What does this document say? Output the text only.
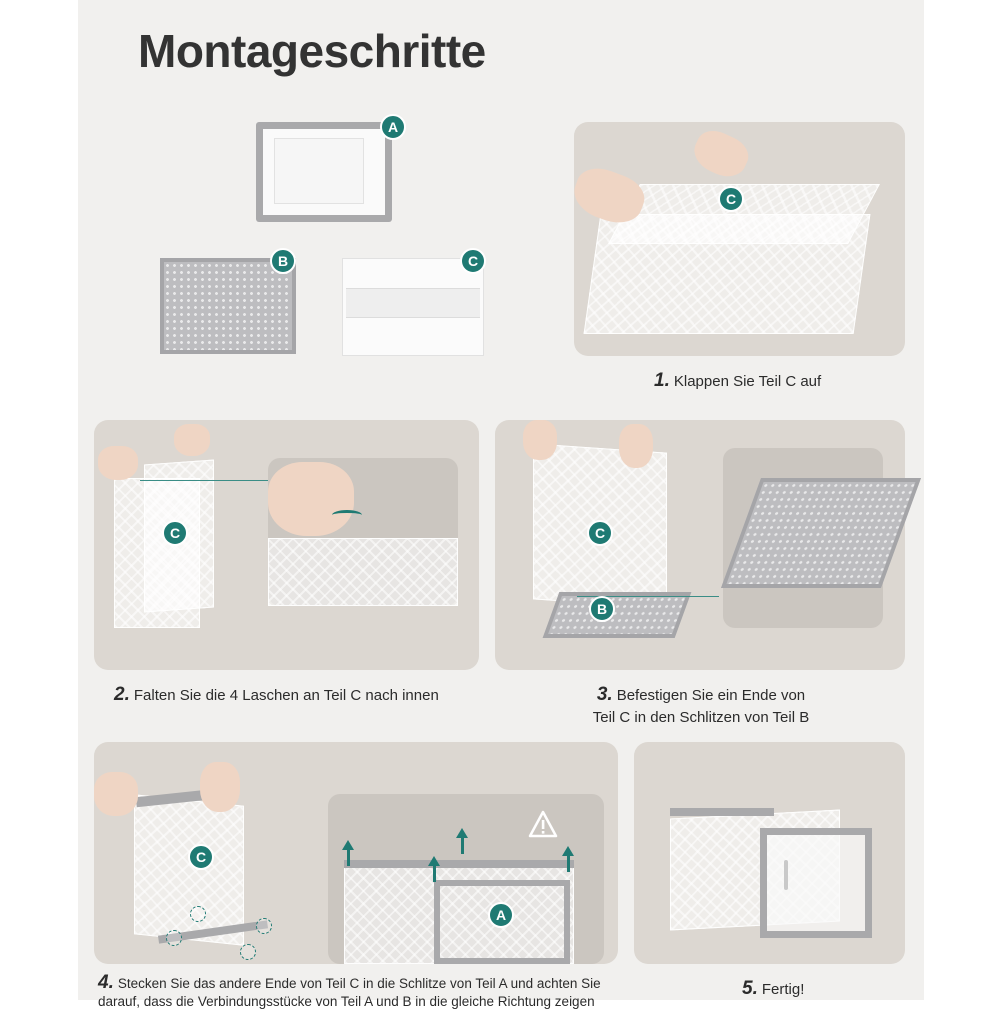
Montageschritte
A
B	C
C
1. Klappen Sie Teil C auf
C
2. Falten Sie die 4 Laschen an Teil C nach innen
C
B
3. Befestigen Sie ein Ende von
Teil C in den Schlitzen von Teil B
C
A
4. Stecken Sie das andere Ende von Teil C in die Schlitze von Teil A und achten Sie
darauf, dass die Verbindungsstücke von Teil A und B in die gleiche Richtung zeigen
5. Fertig!
